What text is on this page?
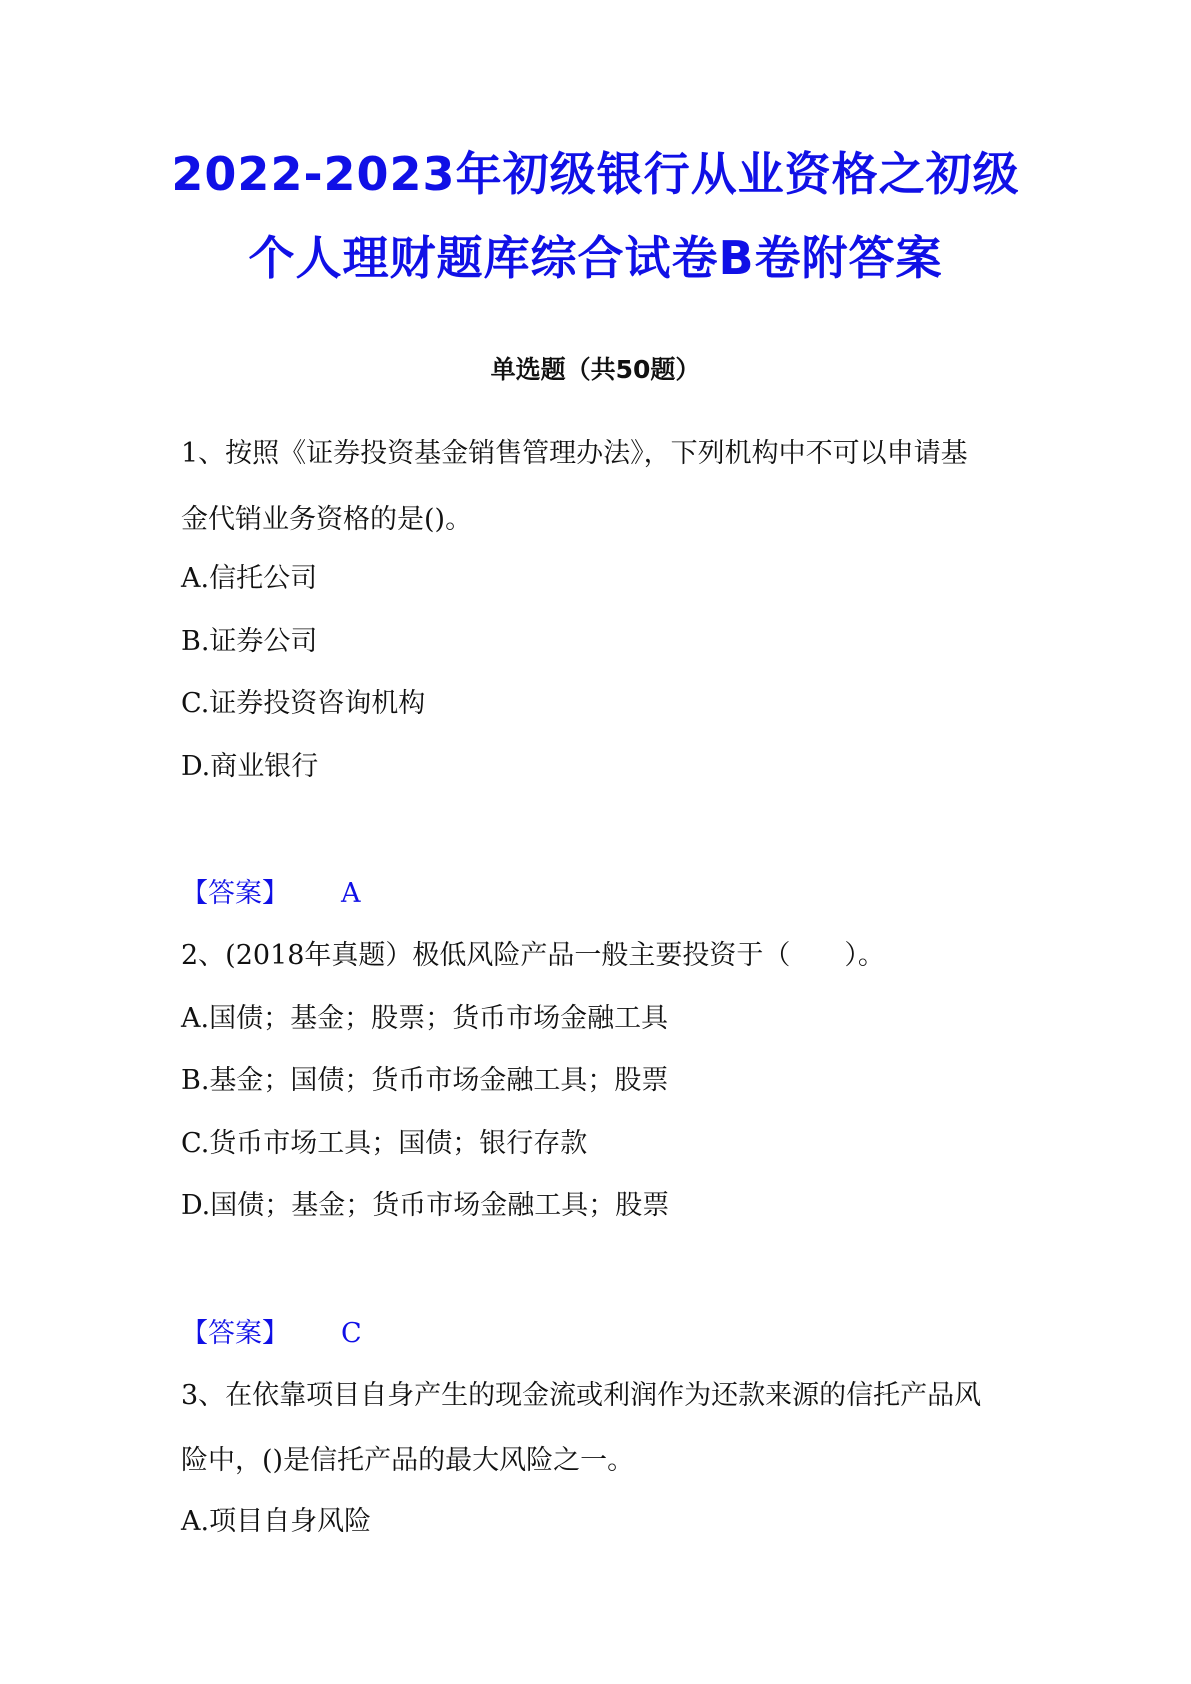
2022-2023年初级银行从业资格之初级
个人理财题库综合试卷B卷附答案
单选题（共50题）
1、按照《证券投资基金销售管理办法》，下列机构中不可以申请基
金代销业务资格的是()。
A.信托公司
B.证券公司
C.证券投资咨询机构
D.商业银行
【答案】 A
2、(2018年真题）极低风险产品一般主要投资于（　　）。
A.国债；基金；股票；货币市场金融工具
B.基金；国债；货币市场金融工具；股票
C.货币市场工具；国债；银行存款
D.国债；基金；货币市场金融工具；股票
【答案】 C
3、在依靠项目自身产生的现金流或利润作为还款来源的信托产品风
险中，()是信托产品的最大风险之一。
A.项目自身风险
